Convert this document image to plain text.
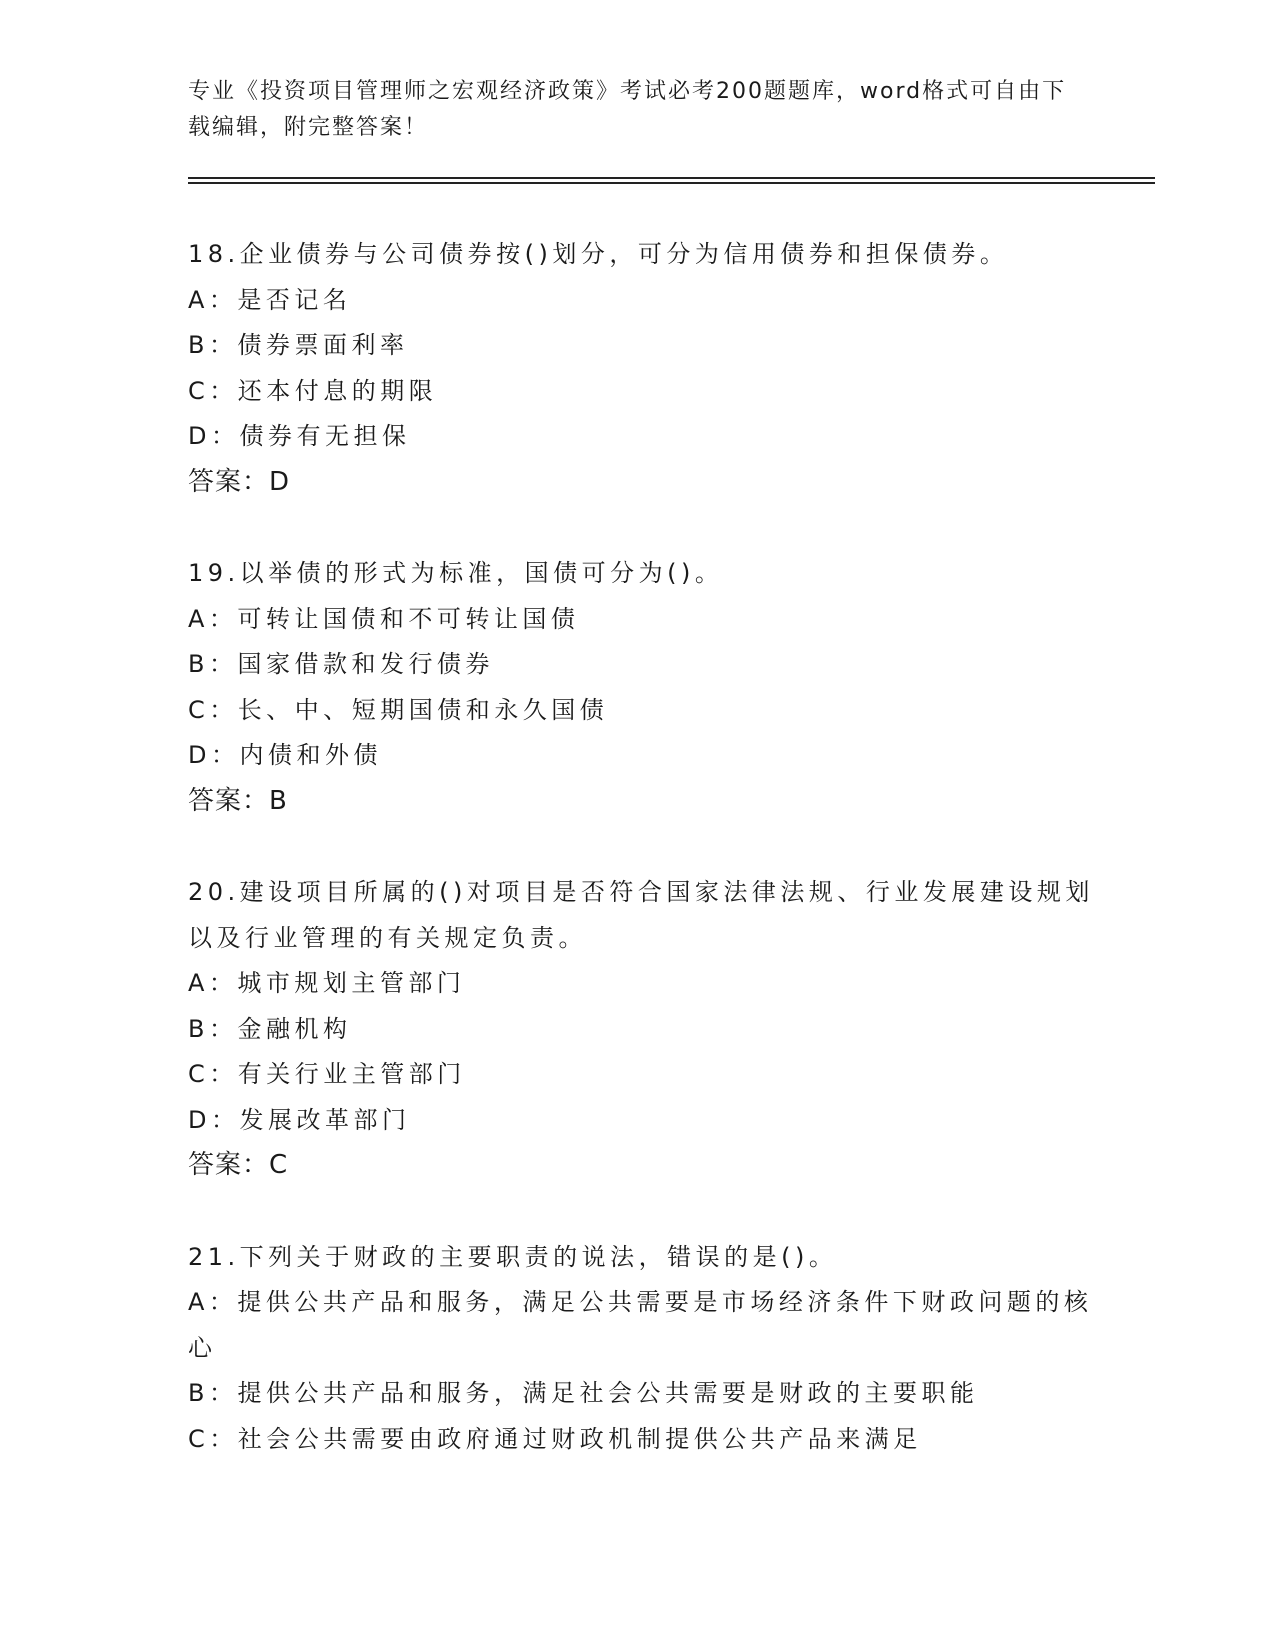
专业《投资项目管理师之宏观经济政策》考试必考200题题库，word格式可自由下载编辑，附完整答案！
18.企业债券与公司债券按()划分，可分为信用债券和担保债券。
A：是否记名
B：债券票面利率
C：还本付息的期限
D：债券有无担保
答案：D
19.以举债的形式为标准，国债可分为()。
A：可转让国债和不可转让国债
B：国家借款和发行债券
C：长、中、短期国债和永久国债
D：内债和外债
答案：B
20.建设项目所属的()对项目是否符合国家法律法规、行业发展建设规划以及行业管理的有关规定负责。
A：城市规划主管部门
B：金融机构
C：有关行业主管部门
D：发展改革部门
答案：C
21.下列关于财政的主要职责的说法，错误的是()。
A：提供公共产品和服务，满足公共需要是市场经济条件下财政问题的核心
B：提供公共产品和服务，满足社会公共需要是财政的主要职能
C：社会公共需要由政府通过财政机制提供公共产品来满足
